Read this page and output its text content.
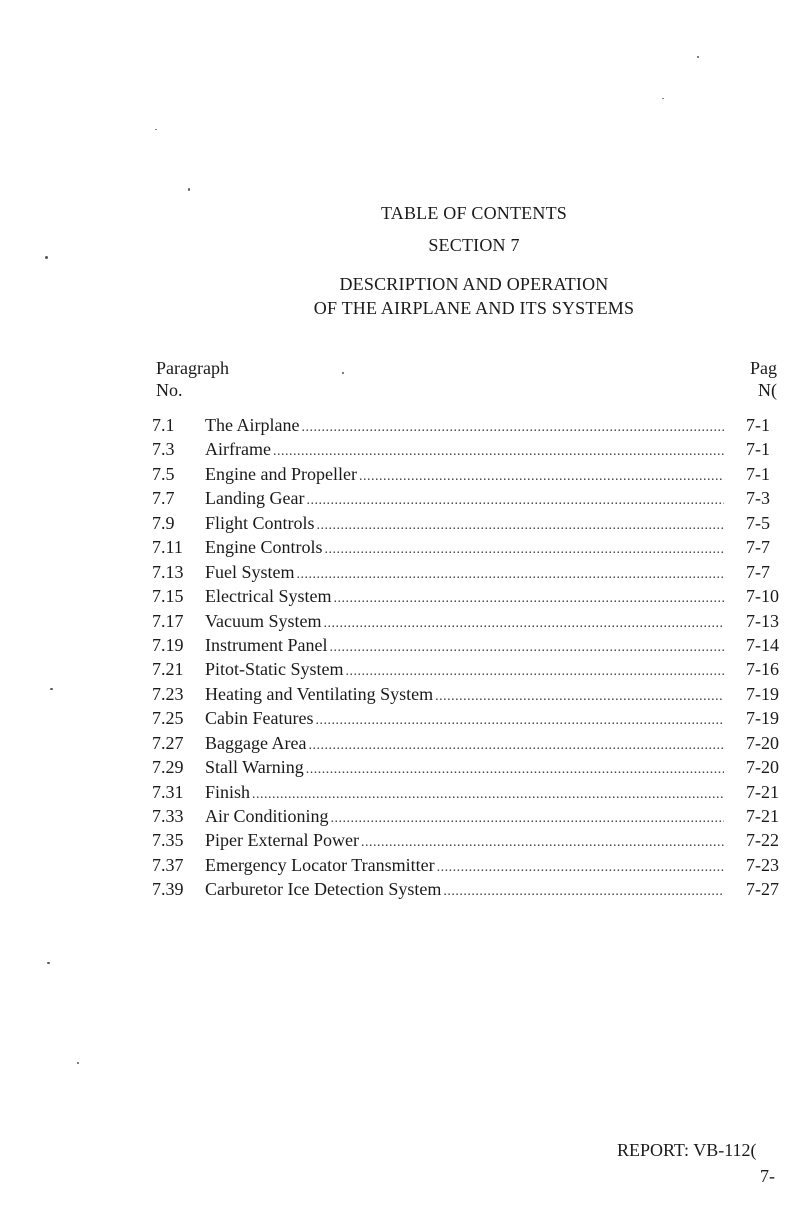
TABLE OF CONTENTS
SECTION 7
DESCRIPTION AND OPERATION
OF THE AIRPLANE AND ITS SYSTEMS
Paragraph
No.
Pag
N(
7.1	The Airplane . . .	7-1
7.3	Airframe . . .	7-1
7.5	Engine and Propeller . . .	7-1
7.7	Landing Gear . . .	7-3
7.9	Flight Controls . . .	7-5
7.11	Engine Controls . . .	7-7
7.13	Fuel System . . .	7-7
7.15	Electrical System . . .	7-10
7.17	Vacuum System . . .	7-13
7.19	Instrument Panel . . .	7-14
7.21	Pitot-Static System . . .	7-16
7.23	Heating and Ventilating System . . .	7-19
7.25	Cabin Features . . .	7-19
7.27	Baggage Area . . .	7-20
7.29	Stall Warning . . .	7-20
7.31	Finish . . .	7-21
7.33	Air Conditioning . . .	7-21
7.35	Piper External Power . . .	7-22
7.37	Emergency Locator Transmitter . . .	7-23
7.39	Carburetor Ice Detection System . . .	7-27
REPORT: VB-112(
7-
